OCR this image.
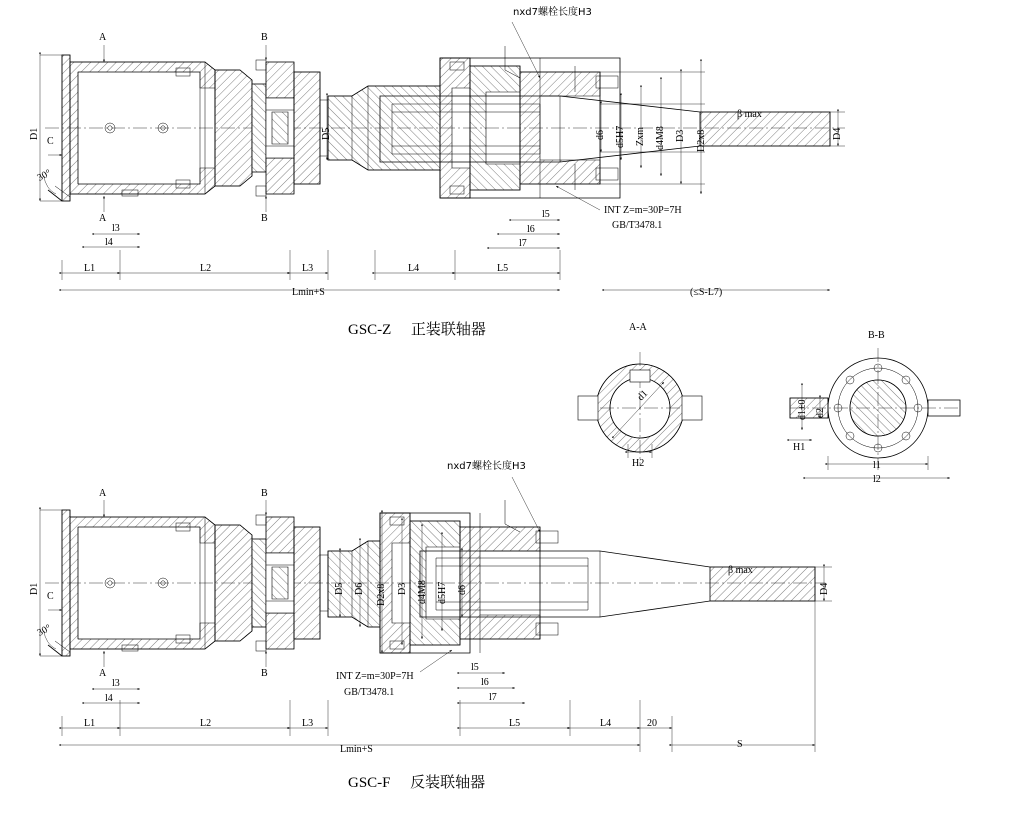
nxd7螺栓长度H3
A	B
A	B
C
30°
D1	D5	d6 d5H7 Zxm d4M8 D3 D2x8	D4
β max
l3
l4
L1	L2	L3	L4	L5
l5
l6
l7
Lmin+S	(≤S-L7)
INT Z=m=30P=7H
GB/T3478.1
GSC-Z 正装联轴器	A-A
d1
H2
B-B
d1±0 d2
H1
l1
l2
nxd7螺栓长度H3
A	B
A	B
C
30°
D1	D5 D6 D2x8 D3 d4M8 d5H7 d6	D4
β max
l3
l4
L1	L2	L3	L5	L4	20
S
l5
l6
l7
Lmin+S
INT Z=m=30P=7H
GB/T3478.1
GSC-F 反装联轴器
